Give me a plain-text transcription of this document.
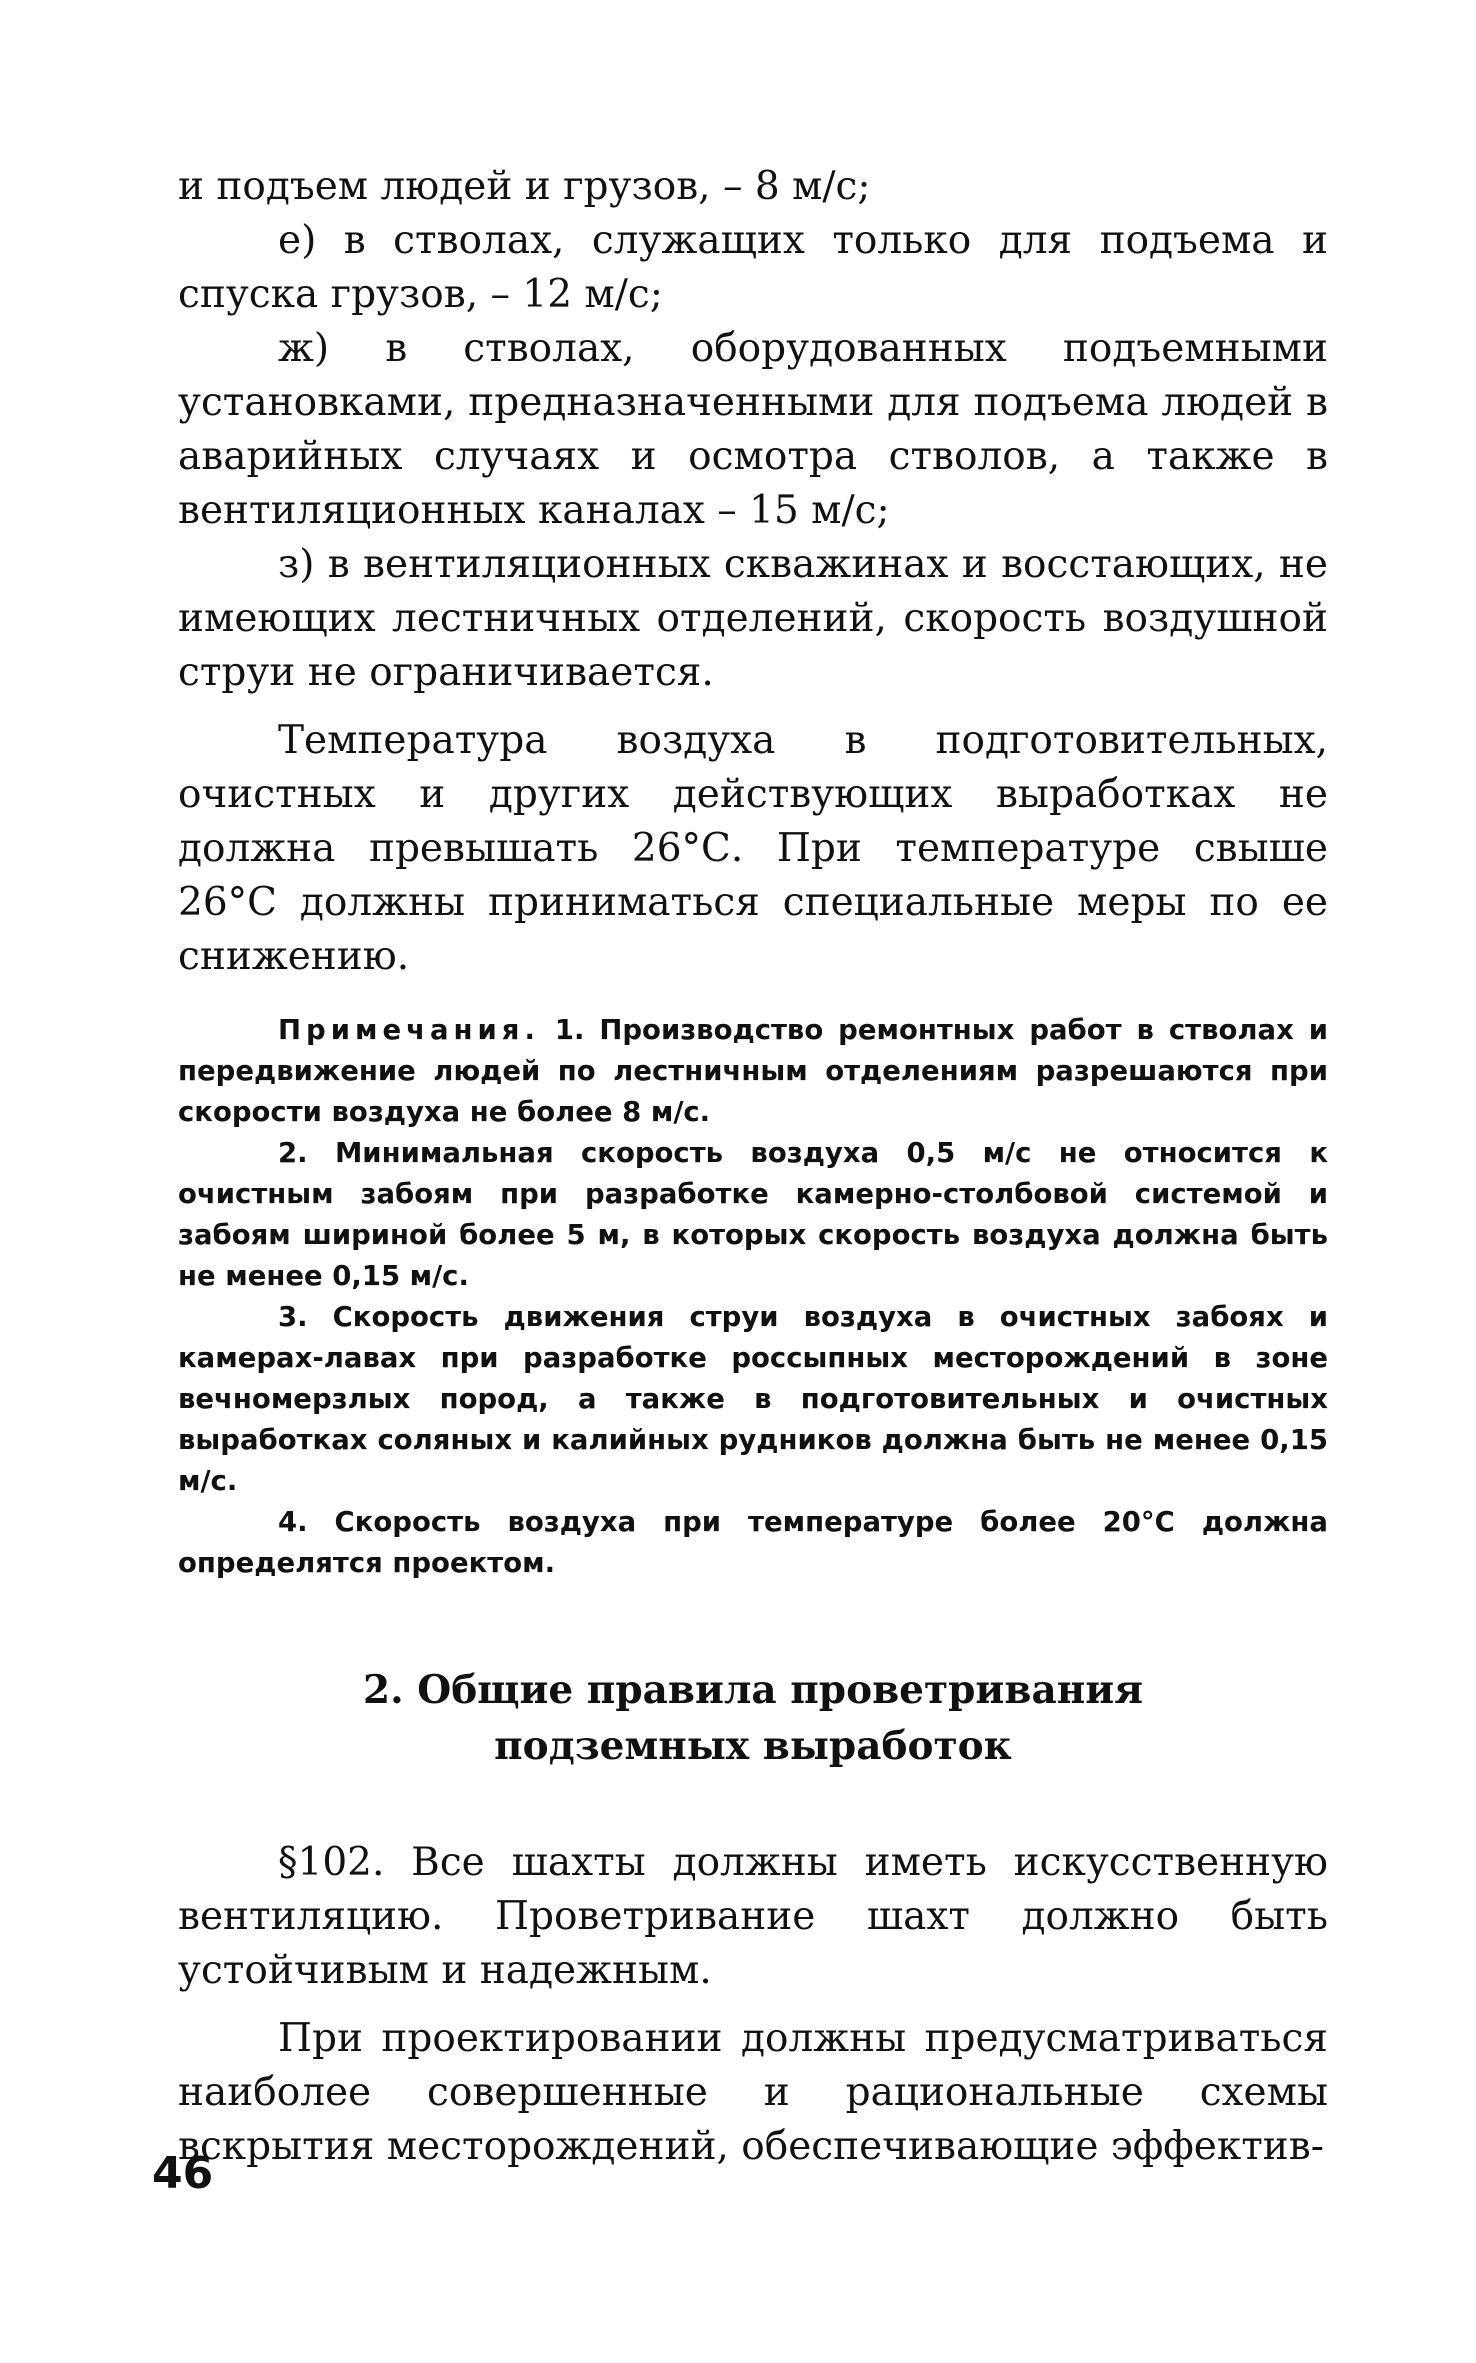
и подъем людей и грузов, – 8 м/с;

е) в стволах, служащих только для подъема и спуска грузов, – 12 м/с;

ж) в стволах, оборудованных подъемными установками, предназначенными для подъема людей в аварийных случаях и осмотра стволов, а также в вентиляционных каналах – 15 м/с;

з) в вентиляционных скважинах и восстающих, не имеющих лестничных отделений, скорость воздушной струи не ограничивается.

Температура воздуха в подготовительных, очистных и других действующих выработках не должна превышать 26°С. При температуре свыше 26°С должны приниматься специальные меры по ее снижению.

Примечания. 1. Производство ремонтных работ в стволах и передвижение людей по лестничным отделениям разрешаются при скорости воздуха не более 8 м/с.

2. Минимальная скорость воздуха 0,5 м/с не относится к очистным забоям при разработке камерно-столбовой системой и забоям шириной более 5 м, в которых скорость воздуха должна быть не менее 0,15 м/с.

3. Скорость движения струи воздуха в очистных забоях и камерах-лавах при разработке россыпных месторождений в зоне вечномерзлых пород, а также в подготовительных и очистных выработках соляных и калийных рудников должна быть не менее 0,15 м/с.

4. Скорость воздуха при температуре более 20°С должна определятся проектом.

2. Общие правила проветривания
подземных выработок

§102. Все шахты должны иметь искусственную вентиляцию. Проветривание шахт должно быть устойчивым и надежным.

При проектировании должны предусматриваться наиболее совершенные и рациональные схемы вскрытия месторождений, обеспечивающие эффектив-

46
